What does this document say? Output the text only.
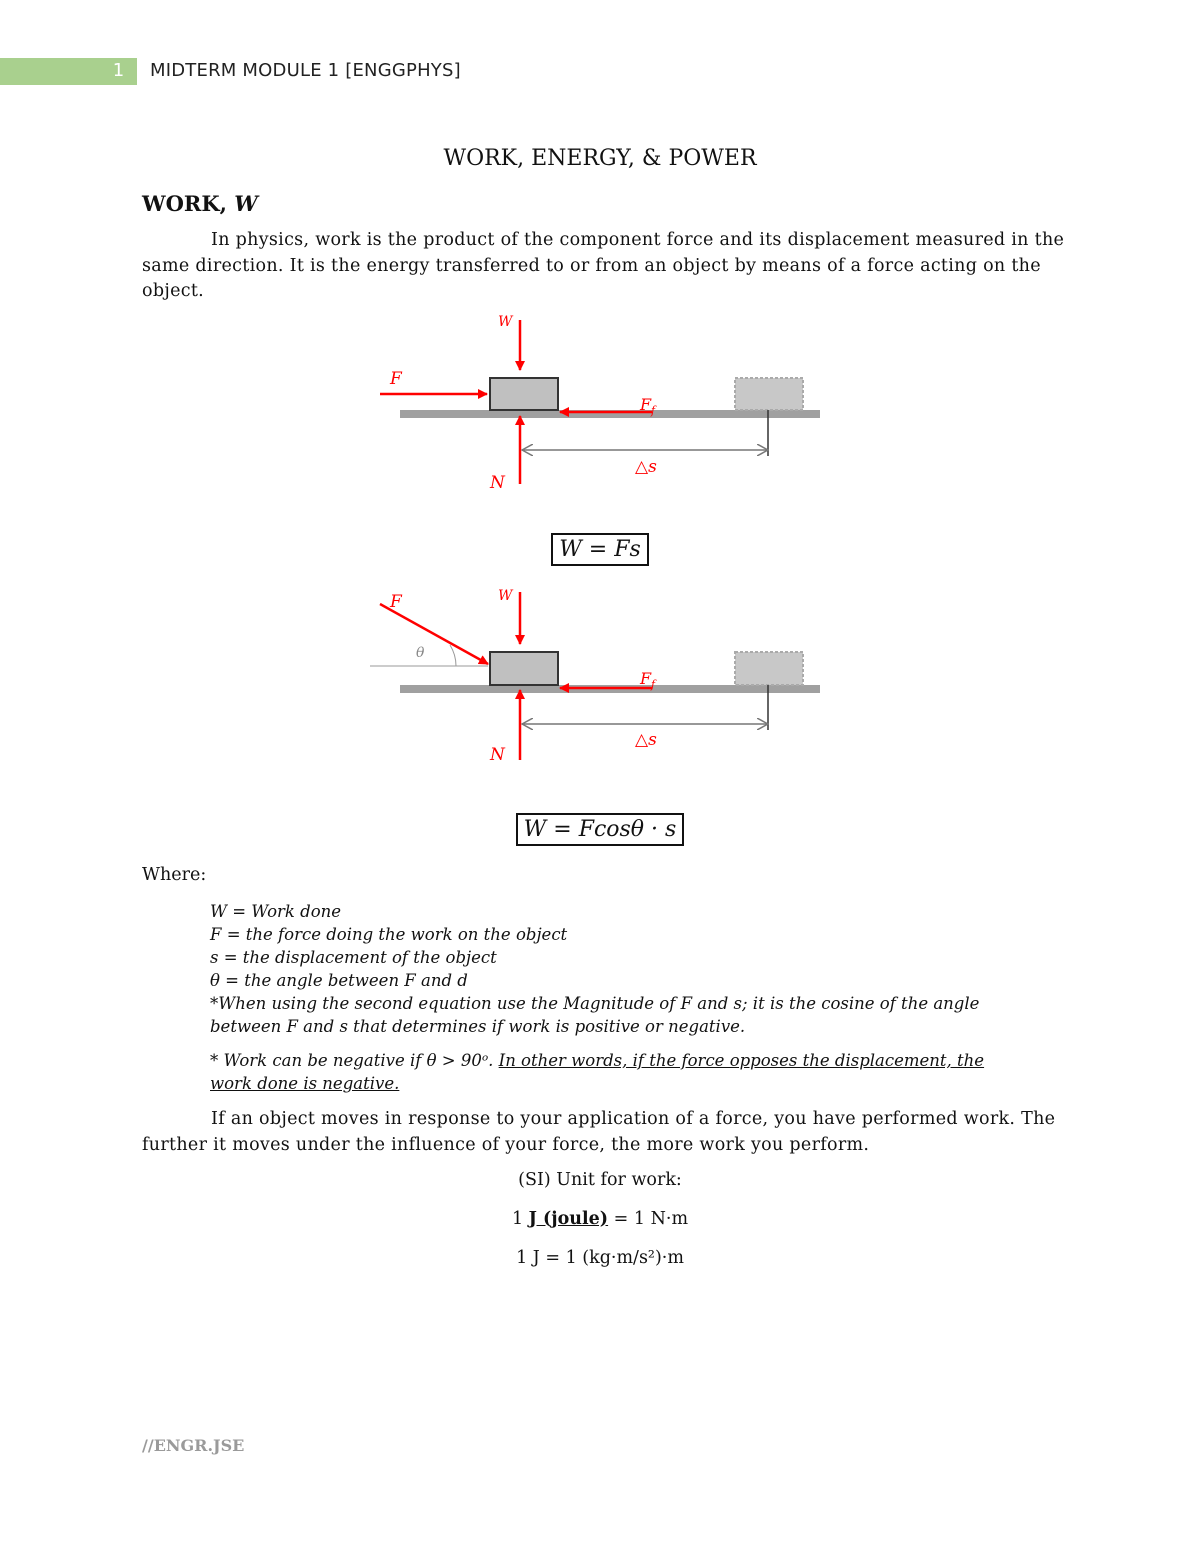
1	MIDTERM MODULE 1 [ENGGPHYS]
WORK, ENERGY, & POWER
WORK, W
In physics, work is the product of the component force and its displacement measured in the same direction. It is the energy transferred to or from an object by means of a force acting on the object.
W
F
F f
N
△s
W = Fs
W
F
θ
F f
N
△s
W = Fcosθ · s
Where:
W = Work done
F = the force doing the work on the object
s = the displacement of the object
θ = the angle between F and d
*When using the second equation use the Magnitude of F and s; it is the cosine of the angle
between F and s that determines if work is positive or negative.
* Work can be negative if θ > 90ᵒ. In other words, if the force opposes the displacement, the work done is negative.
If an object moves in response to your application of a force, you have performed work. The further it moves under the influence of your force, the more work you perform.
(SI) Unit for work:
1 J (joule) = 1 N·m
1 J = 1 (kg·m/s²)·m
//ENGR.JSE
